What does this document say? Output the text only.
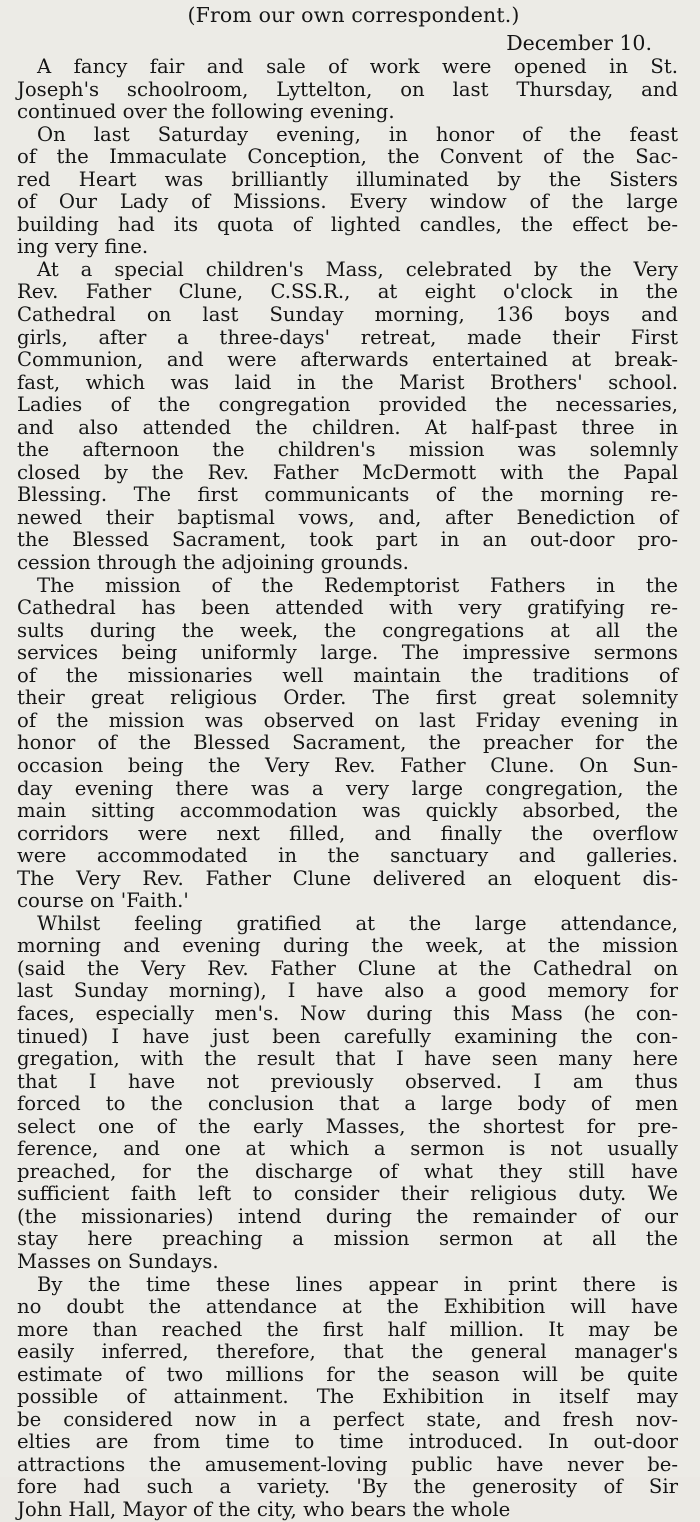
(From our own correspondent.)
December 10.
A fancy fair and sale of work were opened in St.
Joseph's schoolroom, Lyttelton, on last Thursday, and
continued over the following evening.
On last Saturday evening, in honor of the feast
of the Immaculate Conception, the Convent of the Sac-
red Heart was brilliantly illuminated by the Sisters
of Our Lady of Missions. Every window of the large
building had its quota of lighted candles, the effect be-
ing very fine.
At a special children's Mass, celebrated by the Very
Rev. Father Clune, C.SS.R., at eight o'clock in the
Cathedral on last Sunday morning, 136 boys and
girls, after a three-days' retreat, made their First
Communion, and were afterwards entertained at break-
fast, which was laid in the Marist Brothers' school.
Ladies of the congregation provided the necessaries,
and also attended the children. At half-past three in
the afternoon the children's mission was solemnly
closed by the Rev. Father McDermott with the Papal
Blessing. The first communicants of the morning re-
newed their baptismal vows, and, after Benediction of
the Blessed Sacrament, took part in an out-door pro-
cession through the adjoining grounds.
The mission of the Redemptorist Fathers in the
Cathedral has been attended with very gratifying re-
sults during the week, the congregations at all the
services being uniformly large. The impressive sermons
of the missionaries well maintain the traditions of
their great religious Order. The first great solemnity
of the mission was observed on last Friday evening in
honor of the Blessed Sacrament, the preacher for the
occasion being the Very Rev. Father Clune. On Sun-
day evening there was a very large congregation, the
main sitting accommodation was quickly absorbed, the
corridors were next filled, and finally the overflow
were accommodated in the sanctuary and galleries.
The Very Rev. Father Clune delivered an eloquent dis-
course on 'Faith.'
Whilst feeling gratified at the large attendance,
morning and evening during the week, at the mission
(said the Very Rev. Father Clune at the Cathedral on
last Sunday morning), I have also a good memory for
faces, especially men's. Now during this Mass (he con-
tinued) I have just been carefully examining the con-
gregation, with the result that I have seen many here
that I have not previously observed. I am thus
forced to the conclusion that a large body of men
select one of the early Masses, the shortest for pre-
ference, and one at which a sermon is not usually
preached, for the discharge of what they still have
sufficient faith left to consider their religious duty. We
(the missionaries) intend during the remainder of our
stay here preaching a mission sermon at all the
Masses on Sundays.
By the time these lines appear in print there is
no doubt the attendance at the Exhibition will have
more than reached the first half million. It may be
easily inferred, therefore, that the general manager's
estimate of two millions for the season will be quite
possible of attainment. The Exhibition in itself may
be considered now in a perfect state, and fresh nov-
elties are from time to time introduced. In out-door
attractions the amusement-loving public have never be-
fore had such a variety. 'By the generosity of Sir
John Hall, Mayor of the city, who bears the whole
